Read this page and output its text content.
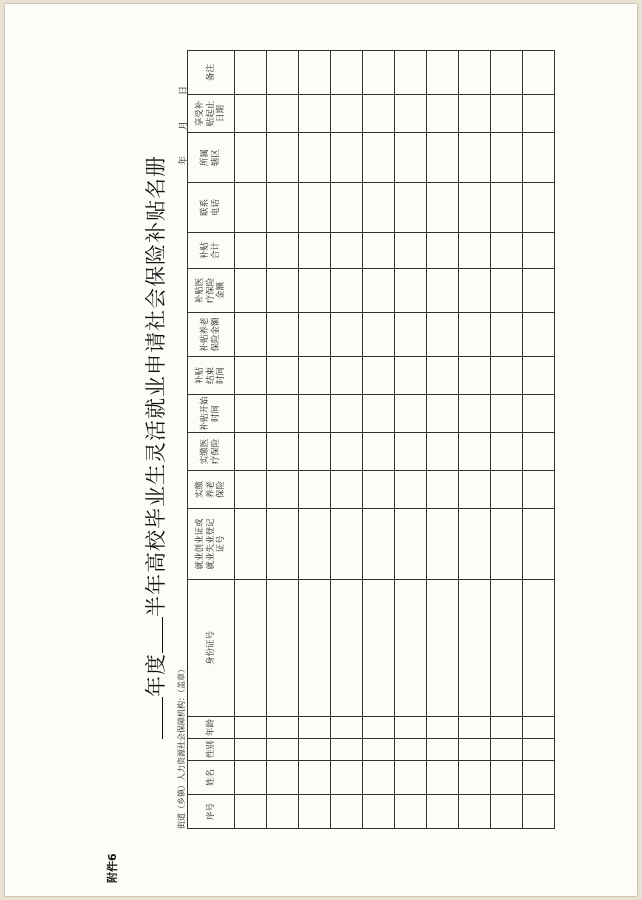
附件6
年度半年高校毕业生灵活就业申请社会保险补贴名册
街道（乡镇）人力资源社会保障机构：（盖章）
年月日
序号	姓名	性别	年龄	身份证号	就业创业证或
就业失业登记
证号	实缴
养老
保险	实缴医
疗保险	补贴开始
时间	补贴
结束
时间	补贴养老
保险金额	补贴医
疗保险
金额	补贴
合计	联系
电话	所属
辖区	享受补
贴起止
日期	备注
